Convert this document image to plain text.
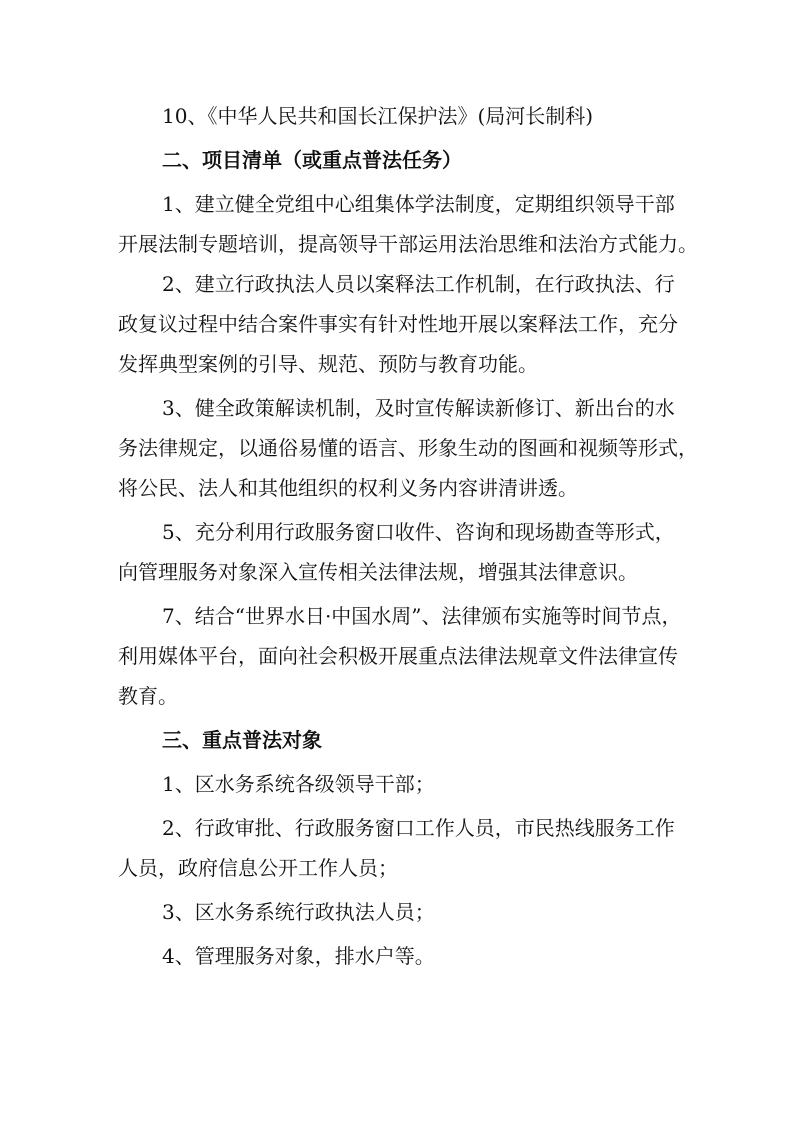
10、《中华人民共和国长江保护法》(局河长制科)
二、项目清单（或重点普法任务）
1、建立健全党组中心组集体学法制度，定期组织领导干部
开展法制专题培训，提高领导干部运用法治思维和法治方式能力。
2、建立行政执法人员以案释法工作机制，在行政执法、行
政复议过程中结合案件事实有针对性地开展以案释法工作，充分
发挥典型案例的引导、规范、预防与教育功能。
3、健全政策解读机制，及时宣传解读新修订、新出台的水
务法律规定，以通俗易懂的语言、形象生动的图画和视频等形式，
将公民、法人和其他组织的权利义务内容讲清讲透。
5、充分利用行政服务窗口收件、咨询和现场勘查等形式，
向管理服务对象深入宣传相关法律法规，增强其法律意识。
7、结合“世界水日·中国水周”、法律颁布实施等时间节点，
利用媒体平台，面向社会积极开展重点法律法规章文件法律宣传
教育。
三、重点普法对象
1、区水务系统各级领导干部；
2、行政审批、行政服务窗口工作人员，市民热线服务工作
人员，政府信息公开工作人员；
3、区水务系统行政执法人员；
4、管理服务对象，排水户等。
